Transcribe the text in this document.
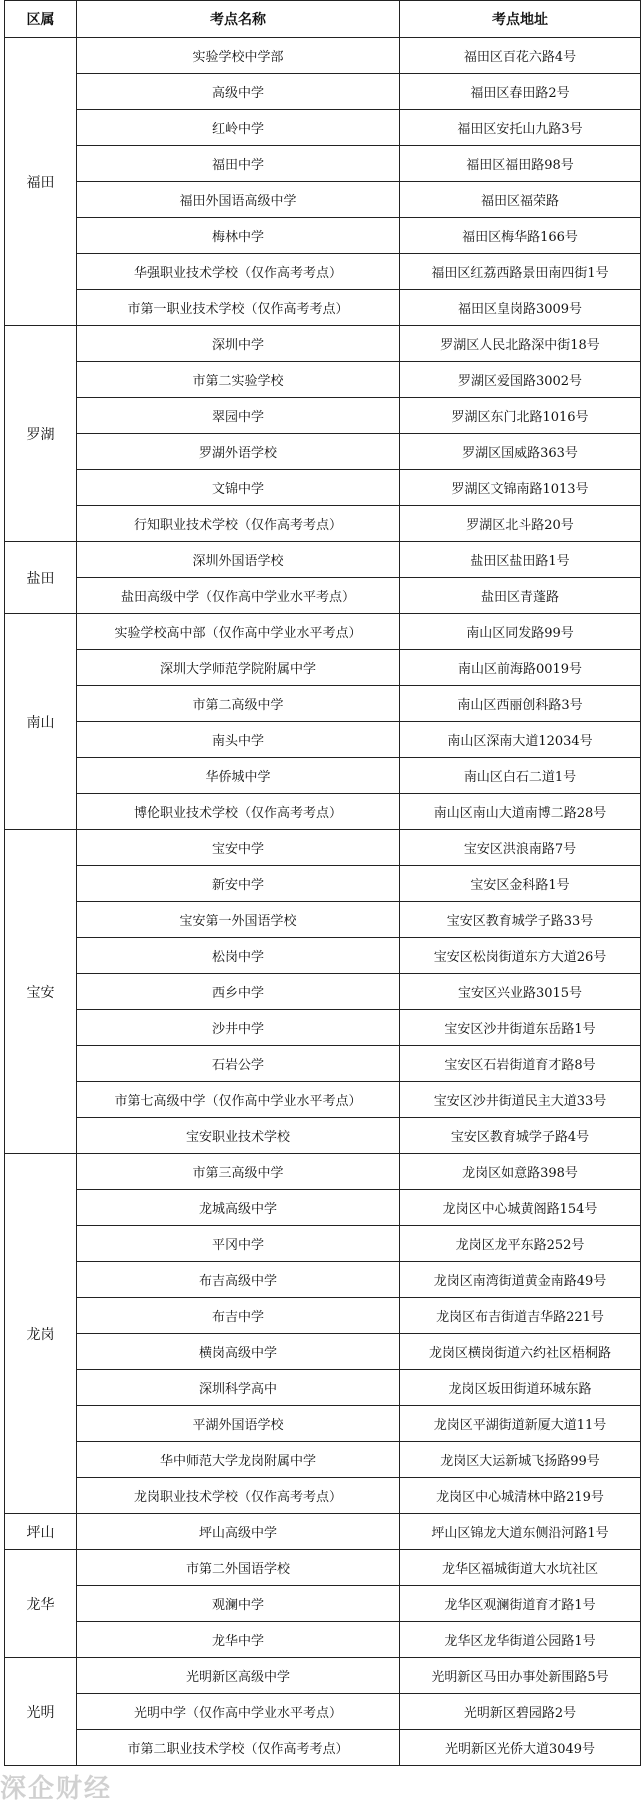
区属	考点名称	考点地址
福田	实验学校中学部	福田区百花六路4号
	高级中学	福田区春田路2号
	红岭中学	福田区安托山九路3号
	福田中学	福田区福田路98号
	福田外国语高级中学	福田区福荣路
	梅林中学	福田区梅华路166号
	华强职业技术学校（仅作高考考点）	福田区红荔西路景田南四街1号
	市第一职业技术学校（仅作高考考点）	福田区皇岗路3009号
罗湖	深圳中学	罗湖区人民北路深中街18号
	市第二实验学校	罗湖区爱国路3002号
	翠园中学	罗湖区东门北路1016号
	罗湖外语学校	罗湖区国威路363号
	文锦中学	罗湖区文锦南路1013号
	行知职业技术学校（仅作高考考点）	罗湖区北斗路20号
盐田	深圳外国语学校	盐田区盐田路1号
	盐田高级中学（仅作高中学业水平考点）	盐田区青蓬路
南山	实验学校高中部（仅作高中学业水平考点）	南山区同发路99号
	深圳大学师范学院附属中学	南山区前海路0019号
	市第二高级中学	南山区西丽创科路3号
	南头中学	南山区深南大道12034号
	华侨城中学	南山区白石二道1号
	博伦职业技术学校（仅作高考考点）	南山区南山大道南博二路28号
宝安	宝安中学	宝安区洪浪南路7号
	新安中学	宝安区金科路1号
	宝安第一外国语学校	宝安区教育城学子路33号
	松岗中学	宝安区松岗街道东方大道26号
	西乡中学	宝安区兴业路3015号
	沙井中学	宝安区沙井街道东岳路1号
	石岩公学	宝安区石岩街道育才路8号
	市第七高级中学（仅作高中学业水平考点）	宝安区沙井街道民主大道33号
	宝安职业技术学校	宝安区教育城学子路4号
龙岗	市第三高级中学	龙岗区如意路398号
	龙城高级中学	龙岗区中心城黄阁路154号
	平冈中学	龙岗区龙平东路252号
	布吉高级中学	龙岗区南湾街道黄金南路49号
	布吉中学	龙岗区布吉街道吉华路221号
	横岗高级中学	龙岗区横岗街道六约社区梧桐路
	深圳科学高中	龙岗区坂田街道环城东路
	平湖外国语学校	龙岗区平湖街道新厦大道11号
	华中师范大学龙岗附属中学	龙岗区大运新城飞扬路99号
	龙岗职业技术学校（仅作高考考点）	龙岗区中心城清林中路219号
坪山	坪山高级中学	坪山区锦龙大道东侧沿河路1号
龙华	市第二外国语学校	龙华区福城街道大水坑社区
	观澜中学	龙华区观澜街道育才路1号
	龙华中学	龙华区龙华街道公园路1号
光明	光明新区高级中学	光明新区马田办事处新围路5号
	光明中学（仅作高中学业水平考点）	光明新区碧园路2号
	市第二职业技术学校（仅作高考考点）	光明新区光侨大道3049号
深企财经
